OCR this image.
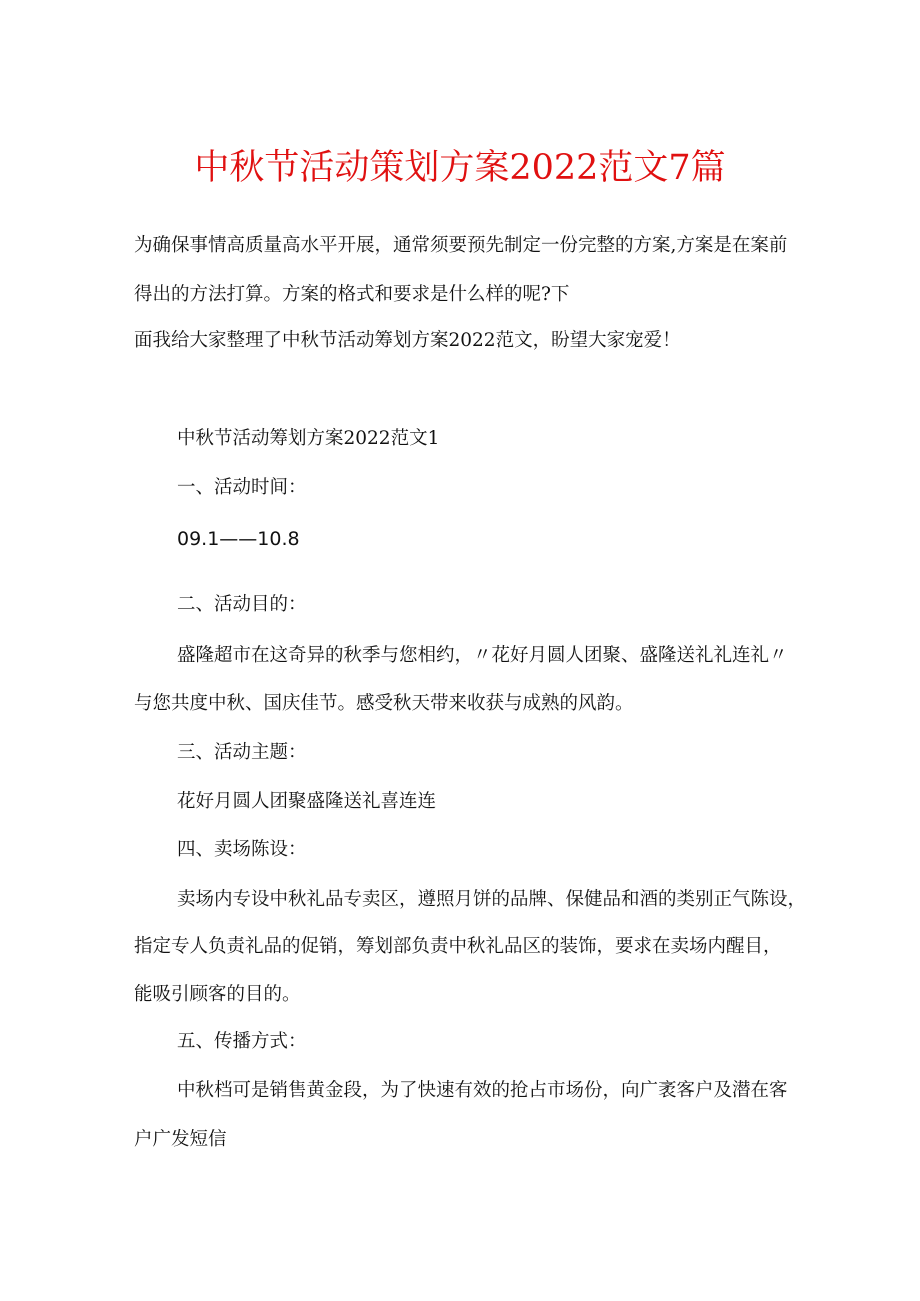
中秋节活动策划方案2022范文7篇
为确保事情高质量高水平开展，通常须要预先制定一份完整的方案,方案是在案前
得出的方法打算。方案的格式和要求是什么样的呢?下
面我给大家整理了中秋节活动筹划方案2022范文，盼望大家宠爱！
中秋节活动筹划方案2022范文1
一、活动时间：
09.1——10.8
二、活动目的：
盛隆超市在这奇异的秋季与您相约，〃花好月圆人团聚、盛隆送礼礼连礼〃
与您共度中秋、国庆佳节。感受秋天带来收获与成熟的风韵。
三、活动主题：
花好月圆人团聚盛隆送礼喜连连
四、卖场陈设：
卖场内专设中秋礼品专卖区，遵照月饼的品牌、保健品和酒的类别正气陈设，
指定专人负责礼品的促销，筹划部负责中秋礼品区的装饰，要求在卖场内醒目，
能吸引顾客的目的。
五、传播方式：
中秋档可是销售黄金段，为了快速有效的抢占市场份，向广袤客户及潜在客
户广发短信
